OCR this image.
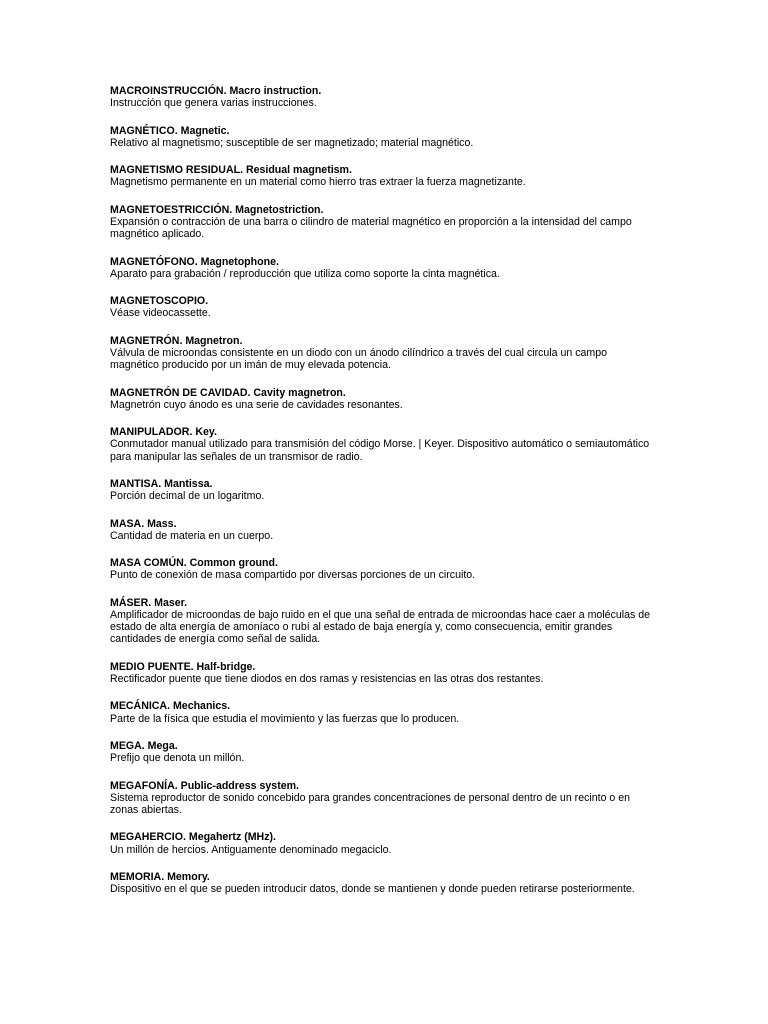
MACROINSTRUCCIÓN. Macro instruction.
Instrucción que genera varias instrucciones.
MAGNÉTICO. Magnetic.
Relativo al magnetismo; susceptible de ser magnetizado; material magnético.
MAGNETISMO RESIDUAL. Residual magnetism.
Magnetismo permanente en un material como hierro tras extraer la fuerza magnetizante.
MAGNETOESTRICCIÓN. Magnetostriction.
Expansión o contracción de una barra o cilindro de material magnético en proporción a la intensidad del campo magnético aplicado.
MAGNETÓFONO. Magnetophone.
Aparato para grabación / reproducción que utiliza como soporte la cinta magnética.
MAGNETOSCOPIO.
Véase videocassette.
MAGNETRÓN. Magnetron.
Válvula de microondas consistente en un diodo con un ánodo cilíndrico a través del cual circula un campo magnético producido por un imán de muy elevada potencia.
MAGNETRÓN DE CAVIDAD. Cavity magnetron.
Magnetrón cuyo ánodo es una serie de cavidades resonantes.
MANIPULADOR. Key.
Conmutador manual utilizado para transmisión del código Morse. | Keyer. Dispositivo automático o semiautomático para manipular las señales de un transmisor de radio.
MANTISA. Mantissa.
Porción decimal de un logaritmo.
MASA. Mass.
Cantidad de materia en un cuerpo.
MASA COMÚN. Common ground.
Punto de conexión de masa compartido por diversas porciones de un circuito.
MÁSER. Maser.
Amplificador de microondas de bajo ruido en el que una señal de entrada de microondas hace caer a moléculas de estado de alta energía de amoníaco o rubí al estado de baja energía y, como consecuencia, emitir grandes cantidades de energía como señal de salida.
MEDIO PUENTE. Half-bridge.
Rectificador puente que tiene diodos en dos ramas y resistencias en las otras dos restantes.
MECÁNICA. Mechanics.
Parte de la física que estudia el movimiento y las fuerzas que lo producen.
MEGA. Mega.
Prefijo que denota un millón.
MEGAFONÍA. Public-address system.
Sistema reproductor de sonido concebido para grandes concentraciones de personal dentro de un recinto o en zonas abiertas.
MEGAHERCIO. Megahertz (MHz).
Un millón de hercios. Antiguamente denominado megaciclo.
MEMORIA. Memory.
Dispositivo en el que se pueden introducir datos, donde se mantienen y donde pueden retirarse posteriormente.
